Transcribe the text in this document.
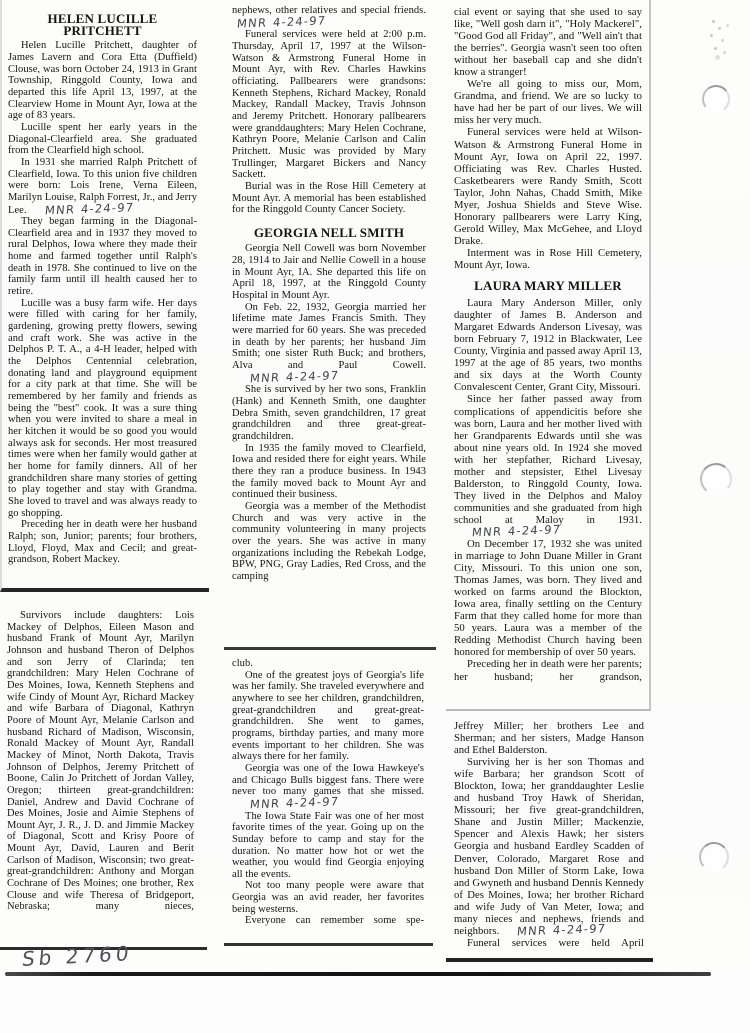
HELEN LUCILLE PRITCHETT

Helen Lucille Pritchett, daughter of James Lavern and Cora Etta (Duffield) Clouse, was born October 24, 1913 in Grant Township, Ringgold County, Iowa and departed this life April 13, 1997, at the Clearview Home in Mount Ayr, Iowa at the age of 83 years.

Lucille spent her early years in the Diagonal-Clearfield area. She graduated from the Clearfield high school.

In 1931 she married Ralph Pritchett of Clearfield, Iowa. To this union five children were born: Lois Irene, Verna Eileen, Marilyn Louise, Ralph Forrest, Jr., and Jerry Lee. MNR 4-24-97

They began farming in the Diagonal-Clearfield area and in 1937 they moved to rural Delphos, Iowa where they made their home and farmed together until Ralph's death in 1978. She continued to live on the family farm until ill health caused her to retire.

Lucille was a busy farm wife. Her days were filled with caring for her family, gardening, growing pretty flowers, sewing and craft work. She was active in the Delphos P. T. A., a 4-H leader, helped with the Delphos Centennial celebration, donating land and playground equipment for a city park at that time. She will be remembered by her family and friends as being the "best" cook. It was a sure thing when you were invited to share a meal in her kitchen it would be so good you would always ask for seconds. Her most treasured times were when her family would gather at her home for family dinners. All of her grandchildren share many stories of getting to play together and stay with Grandma. She loved to travel and was always ready to go shopping.

Preceding her in death were her husband Ralph; son, Junior; parents; four brothers, Lloyd, Floyd, Max and Cecil; and great-grandson, Robert Mackey.

Survivors include daughters: Lois Mackey of Delphos, Eileen Mason and husband Frank of Mount Ayr, Marilyn Johnson and husband Theron of Delphos and son Jerry of Clarinda; ten grandchildren: Mary Helen Cochrane of Des Moines, Iowa, Kenneth Stephens and wife Cindy of Mount Ayr, Richard Mackey and wife Barbara of Diagonal, Kathryn Poore of Mount Ayr, Melanie Carlson and husband Richard of Madison, Wisconsin, Ronald Mackey of Mount Ayr, Randall Mackey of Minot, North Dakota, Travis Johnson of Delphos, Jeremy Pritchett of Boone, Calin Jo Pritchett of Jordan Valley, Oregon; thirteen great-grandchildren: Daniel, Andrew and David Cochrane of Des Moines, Josie and Aimie Stephens of Mount Ayr, J. R., J. D. and Jimmie Mackey of Diagonal, Scott and Krisy Poore of Mount Ayr, David, Lauren and Berit Carlson of Madison, Wisconsin; two great-great-grandchildren: Anthony and Morgan Cochrane of Des Moines; one brother, Rex Clouse and wife Theresa of Bridgeport, Nebraska; many nieces,

nephews, other relatives and special friends.MNR 4-24-97

Funeral services were held at 2:00 p.m. Thursday, April 17, 1997 at the Wilson-Watson & Armstrong Funeral Home in Mount Ayr, with Rev. Charles Hawkins officiating. Pallbearers were grandsons: Kenneth Stephens, Richard Mackey, Ronald Mackey, Randall Mackey, Travis Johnson and Jeremy Pritchett. Honorary pallbearers were granddaughters: Mary Helen Cochrane, Kathryn Poore, Melanie Carlson and Calin Pritchett. Music was provided by Mary Trullinger, Margaret Bickers and Nancy Sackett.

Burial was in the Rose Hill Cemetery at Mount Ayr. A memorial has been established for the Ringgold County Cancer Society.

GEORGIA NELL SMITH

Georgia Nell Cowell was born November 28, 1914 to Jair and Nellie Cowell in a house in Mount Ayr, IA. She departed this life on April 18, 1997, at the Ringgold County Hospital in Mount Ayr.

On Feb. 22, 1932, Georgia married her lifetime mate James Francis Smith. They were married for 60 years. She was preceded in death by her parents; her husband Jim Smith; one sister Ruth Buck; and brothers, Alva and Paul Cowell.MNR 4-24-97

She is survived by her two sons, Franklin (Hank) and Kenneth Smith, one daughter Debra Smith, seven grandchildren, 17 great grandchildren and three great-great-grandchildren.

In 1935 the family moved to Clearfield, Iowa and resided there for eight years. While there they ran a produce business. In 1943 the family moved back to Mount Ayr and continued their business.

Georgia was a member of the Methodist Church and was very active in the community volunteering in many projects over the years. She was active in many organizations including the Rebekah Lodge, BPW, PNG, Gray Ladies, Red Cross, and the camping

club.

One of the greatest joys of Georgia's life was her family. She traveled everywhere and anywhere to see her children, grandchildren, great-grandchildren and great-great-grandchildren. She went to games, programs, birthday parties, and many more events important to her children. She was always there for her family.

Georgia was one of the Iowa Hawkeye's and Chicago Bulls biggest fans. There were never too many games that she missed.MNR 4-24-97

The Iowa State Fair was one of her most favorite times of the year. Going up on the Sunday before to camp and stay for the duration. No matter how hot or wet the weather, you would find Georgia enjoying all the events.

Not too many people were aware that Georgia was an avid reader, her favorites being westerns.

Everyone can remember some spe-

cial event or saying that she used to say like, "Well gosh darn it", "Holy Mackerel", "Good God all Friday", and "Well ain't that the berries". Georgia wasn't seen too often without her baseball cap and she didn't know a stranger!

We're all going to miss our, Mom, Grandma, and friend. We are so lucky to have had her be part of our lives. We will miss her very much.

Funeral services were held at Wilson-Watson & Armstrong Funeral Home in Mount Ayr, Iowa on April 22, 1997. Officiating was Rev. Charles Husted. Casketbearers were Randy Smith, Scott Taylor, John Nahas, Chadd Smith, Mike Myer, Joshua Shields and Steve Wise. Honorary pallbearers were Larry King, Gerold Willey, Max McGehee, and Lloyd Drake.

Interment was in Rose Hill Cemetery, Mount Ayr, Iowa.

LAURA MARY MILLER

Laura Mary Anderson Miller, only daughter of James B. Anderson and Margaret Edwards Anderson Livesay, was born February 7, 1912 in Blackwater, Lee County, Virginia and passed away April 13, 1997 at the age of 85 years, two months and six days at the Worth County Convalescent Center, Grant City, Missouri.

Since her father passed away from complications of appendicitis before she was born, Laura and her mother lived with her Grandparents Edwards until she was about nine years old. In 1924 she moved with her stepfather, Richard Livesay, mother and stepsister, Ethel Livesay Balderston, to Ringgold County, Iowa. They lived in the Delphos and Maloy communities and she graduated from high school at Maloy in 1931.MNR 4-24-97

On December 17, 1932 she was united in marriage to John Duane Miller in Grant City, Missouri. To this union one son, Thomas James, was born. They lived and worked on farms around the Blockton, Iowa area, finally settling on the Century Farm that they called home for more than 50 years. Laura was a member of the Redding Methodist Church having been honored for membership of over 50 years.

Preceding her in death were her parents; her husband; her grandson,

Jeffrey Miller; her brothers Lee and Sherman; and her sisters, Madge Hanson and Ethel Balderston.

Surviving her is her son Thomas and wife Barbara; her grandson Scott of Blockton, Iowa; her granddaughter Leslie and husband Troy Hawk of Sheridan, Missouri; her five great-grandchildren, Shane and Justin Miller; Mackenzie, Spencer and Alexis Hawk; her sisters Georgia and husband Eardley Scadden of Denver, Colorado, Margaret Rose and husband Don Miller of Storm Lake, Iowa and Gwyneth and husband Dennis Kennedy of Des Moines, Iowa; her brother Richard and wife Judy of Van Meter, Iowa; and many nieces and nephews, friends and neighbors. MNR 4-24-97

Funeral services were held April

Sb 2760
